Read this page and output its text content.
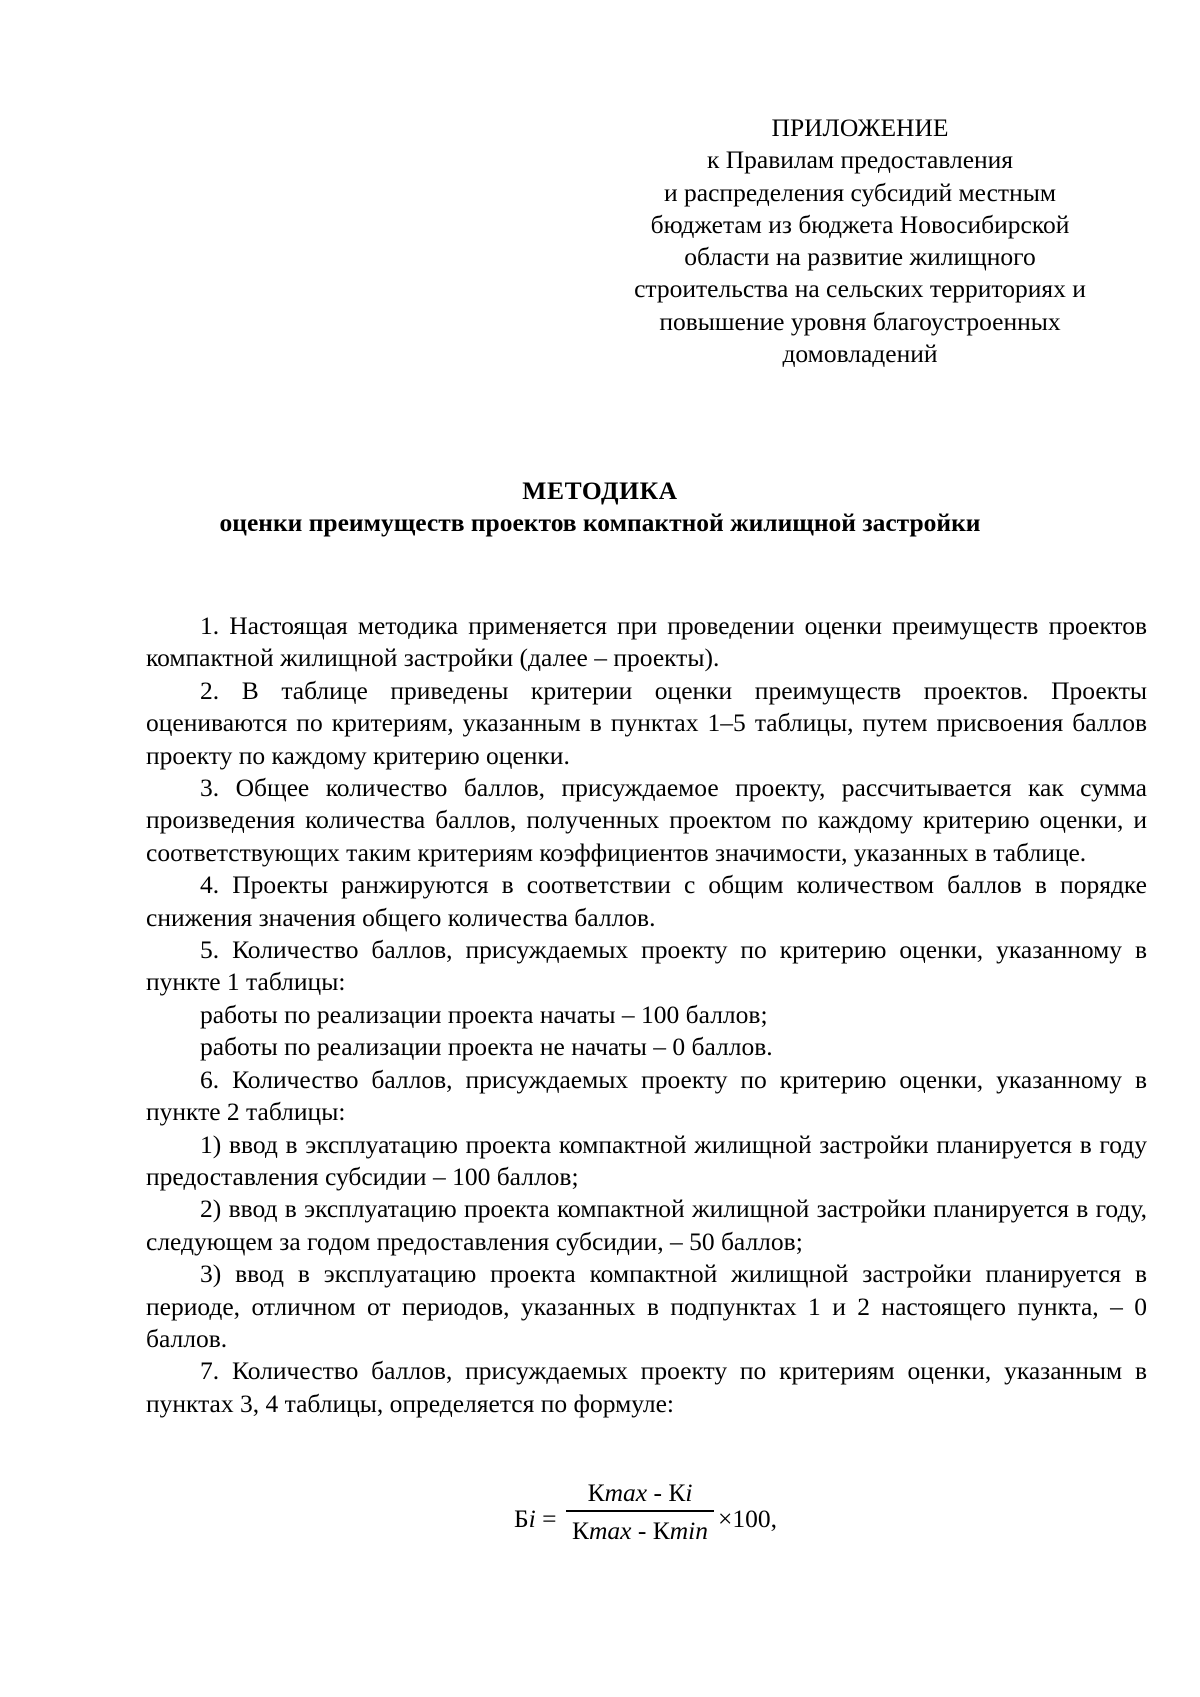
ПРИЛОЖЕНИЕ
к Правилам предоставления
и распределения субсидий местным
бюджетам из бюджета Новосибирской
области на развитие жилищного
строительства на сельских территориях и
повышение уровня благоустроенных
домовладений
МЕТОДИКА
оценки преимуществ проектов компактной жилищной застройки

1. Настоящая методика применяется при проведении оценки преимуществ проектов компактной жилищной застройки (далее – проекты).

2. В таблице приведены критерии оценки преимуществ проектов. Проекты оцениваются по критериям, указанным в пунктах 1–5 таблицы, путем присвоения баллов проекту по каждому критерию оценки.

3. Общее количество баллов, присуждаемое проекту, рассчитывается как сумма произведения количества баллов, полученных проектом по каждому критерию оценки, и соответствующих таким критериям коэффициентов значимости, указанных в таблице.

4. Проекты ранжируются в соответствии с общим количеством баллов в порядке снижения значения общего количества баллов.

5. Количество баллов, присуждаемых проекту по критерию оценки, указанному в пункте 1 таблицы:

работы по реализации проекта начаты – 100 баллов;

работы по реализации проекта не начаты – 0 баллов.

6. Количество баллов, присуждаемых проекту по критерию оценки, указанному в пункте 2 таблицы:

1) ввод в эксплуатацию проекта компактной жилищной застройки планируется в году предоставления субсидии – 100 баллов;

2) ввод в эксплуатацию проекта компактной жилищной застройки планируется в году, следующем за годом предоставления субсидии, – 50 баллов;

3) ввод в эксплуатацию проекта компактной жилищной застройки планируется в периоде, отличном от периодов, указанных в подпунктах 1 и 2 настоящего пункта, – 0 баллов.

7. Количество баллов, присуждаемых проекту по критериям оценки, указанным в пунктах 3, 4 таблицы, определяется по формуле:

Бi =
Кmax - Кi
Кmax - Кmin ×100,
